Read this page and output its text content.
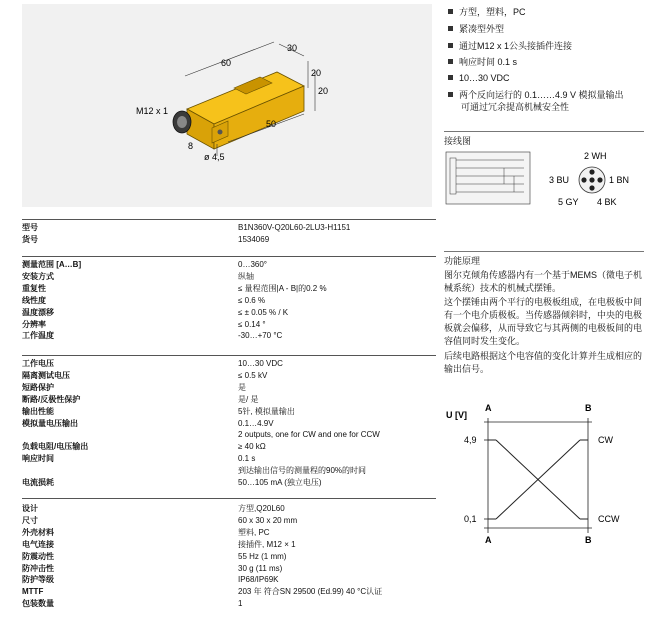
60
30
20
20
50
8
ø 4,5
M12 x 1
型号	B1N360V-Q20L60-2LU3-H1151
货号	1534069
测量范围 [A…B]	0…360°
安装方式	纵轴
重复性	≤ 量程范围|A - B|的0.2 %
线性度	≤ 0.6 %
温度漂移	≤ ± 0.05 % / K
分辨率	≤ 0.14 °
工作温度	-30…+70 °C
工作电压	10…30 VDC
隔离测试电压	≤ 0.5 kV
短路保护	是
断路/反极性保护	是/ 是
输出性能	5针, 模拟量输出
模拟量电压输出	0.1…4.9V
2 outputs, one for CW and one for CCW
负载电阻/电压输出	≥ 40 kΩ
响应时间	0.1 s
到达输出信号的测量程的90%的时间
电流损耗	50…105 mA (独立电压)
设计	方型,Q20L60
尺寸	60 x 30 x 20 mm
外壳材料	塑料, PC
电气连接	接插件, M12 × 1
防震动性	55 Hz (1 mm)
防冲击性	30 g (11 ms)
防护等级	IP68/IP69K
MTTF	203 年 符合SN 29500 (Ed.99) 40 °C认证
包装数量	1
方型，塑料，PC
紧凑型外型
通过M12 x 1公头接插件连接
响应时间 0.1 s
10…30 VDC
两个反向运行的 0.1……4.9 V 模拟量输出
可通过冗余提高机械安全性
接线图
2 WH
3 BU	1 BN
5 GY 4 BK
功能原理
图尔克倾角传感器内有一个基于MEMS（微电子机械系统）技术的机械式摆锤。
这个摆锤由两个平行的电极板组成，在电极板中间有一个电介质极板。当传感器倾斜时，中央的电极板就会偏移，从而导致它与其两侧的电极板间的电容值同时发生变化。
后续电路根据这个电容值的变化计算并生成相应的输出信号。
U [V]
4,9
0,1
A	B
A	B
CW
CCW
